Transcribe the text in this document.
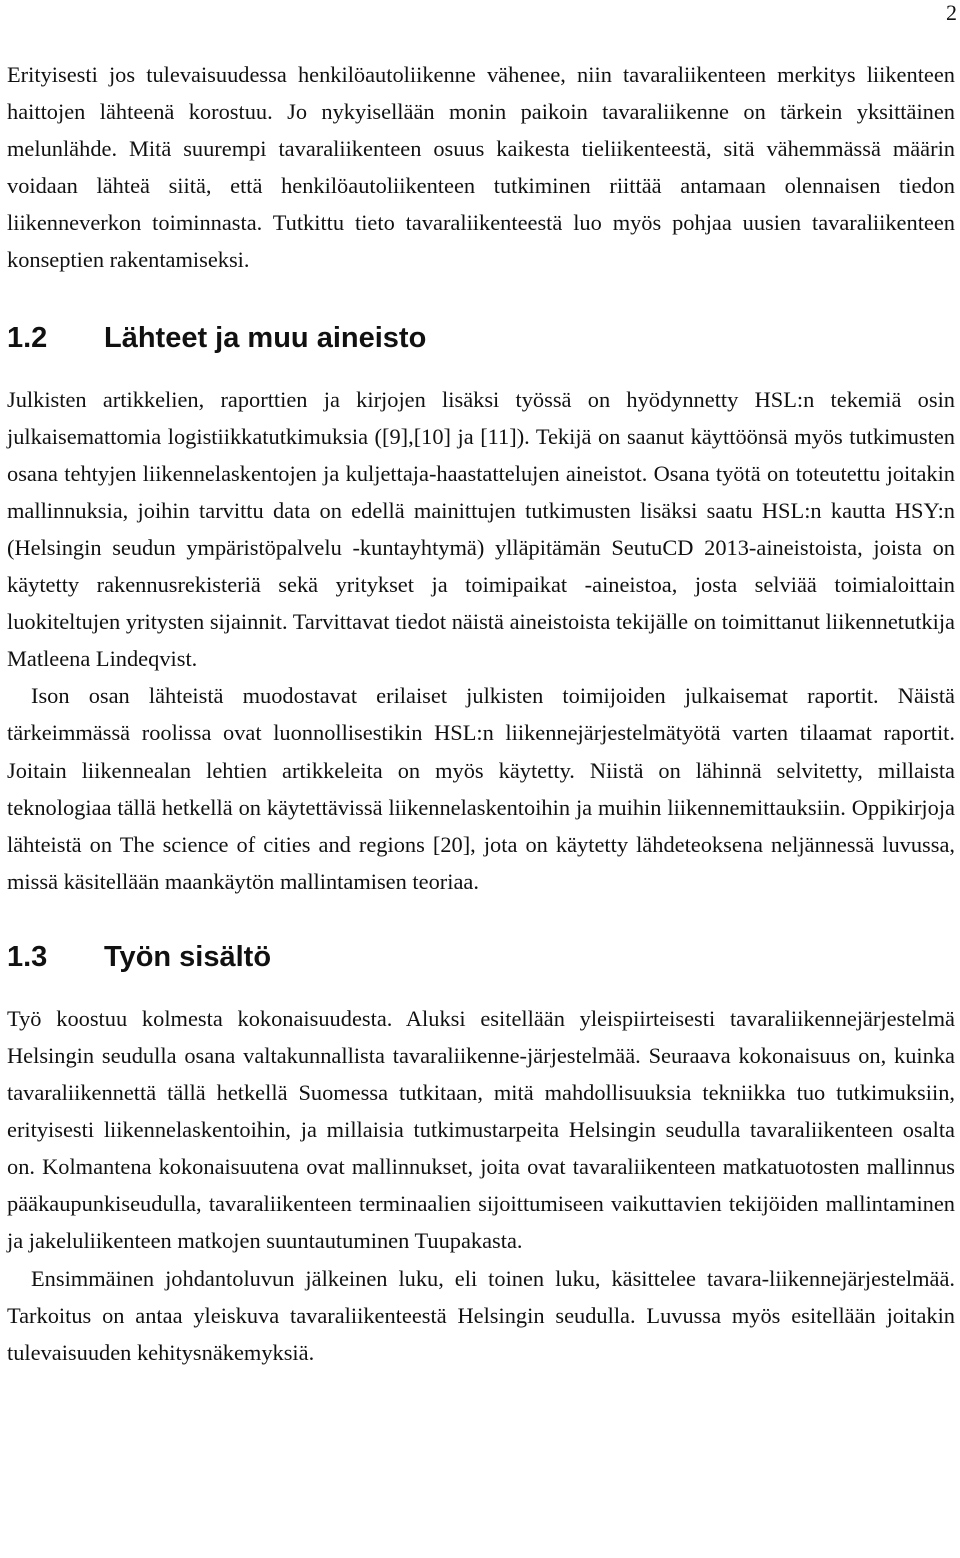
2

Erityisesti jos tulevaisuudessa henkilöautoliikenne vähenee, niin tavaraliikenteen merkitys liikenteen haittojen lähteenä korostuu. Jo nykyisellään monin paikoin tavaraliikenne on tärkein yksittäinen melunlähde. Mitä suurempi tavaraliikenteen osuus kaikesta tieliikenteestä, sitä vähemmässä määrin voidaan lähteä siitä, että henkilöautoliikenteen tutkiminen riittää antamaan olennaisen tiedon liikenneverkon toiminnasta. Tutkittu tieto tavaraliikenteestä luo myös pohjaa uusien tavaraliikenteen konseptien rakentamiseksi.

1.2	Lähteet ja muu aineisto

Julkisten artikkelien, raporttien ja kirjojen lisäksi työssä on hyödynnetty HSL:n tekemiä osin julkaisemattomia logistiikkatutkimuksia ([9],[10] ja [11]). Tekijä on saanut käyttöönsä myös tutkimusten osana tehtyjen liikennelaskentojen ja kuljettaja-haastattelujen aineistot. Osana työtä on toteutettu joitakin mallinnuksia, joihin tarvittu data on edellä mainittujen tutkimusten lisäksi saatu HSL:n kautta HSY:n (Helsingin seudun ympäristöpalvelu -kuntayhtymä) ylläpitämän SeutuCD 2013-aineistoista, joista on käytetty rakennusrekisteriä sekä yritykset ja toimipaikat -aineistoa, josta selviää toimialoittain luokiteltujen yritysten sijainnit. Tarvittavat tiedot näistä aineistoista tekijälle on toimittanut liikennetutkija Matleena Lindeqvist.

Ison osan lähteistä muodostavat erilaiset julkisten toimijoiden julkaisemat raportit. Näistä tärkeimmässä roolissa ovat luonnollisestikin HSL:n liikennejärjestelmätyötä varten tilaamat raportit. Joitain liikennealan lehtien artikkeleita on myös käytetty. Niistä on lähinnä selvitetty, millaista teknologiaa tällä hetkellä on käytettävissä liikennelaskentoihin ja muihin liikennemittauksiin. Oppikirjoja lähteistä on The science of cities and regions [20], jota on käytetty lähdeteoksena neljännessä luvussa, missä käsitellään maankäytön mallintamisen teoriaa.

1.3	Työn sisältö

Työ koostuu kolmesta kokonaisuudesta. Aluksi esitellään yleispiirteisesti tavaraliikennejärjestelmä Helsingin seudulla osana valtakunnallista tavaraliikenne-järjestelmää. Seuraava kokonaisuus on, kuinka tavaraliikennettä tällä hetkellä Suomessa tutkitaan, mitä mahdollisuuksia tekniikka tuo tutkimuksiin, erityisesti liikennelaskentoihin, ja millaisia tutkimustarpeita Helsingin seudulla tavaraliikenteen osalta on. Kolmantena kokonaisuutena ovat mallinnukset, joita ovat tavaraliikenteen matkatuotosten mallinnus pääkaupunkiseudulla, tavaraliikenteen terminaalien sijoittumiseen vaikuttavien tekijöiden mallintaminen ja jakeluliikenteen matkojen suuntautuminen Tuupakasta.

Ensimmäinen johdantoluvun jälkeinen luku, eli toinen luku, käsittelee tavara-liikennejärjestelmää. Tarkoitus on antaa yleiskuva tavaraliikenteestä Helsingin seudulla. Luvussa myös esitellään joitakin tulevaisuuden kehitysnäkemyksiä.
